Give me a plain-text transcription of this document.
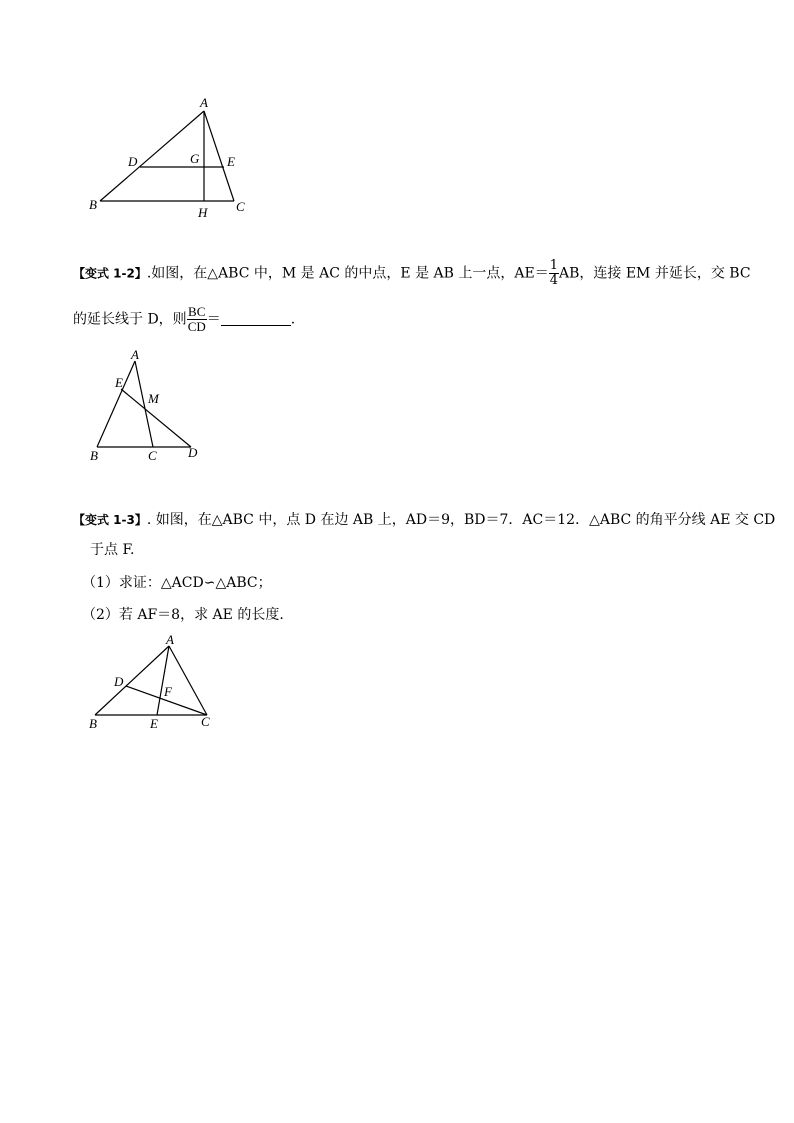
A
D	G E
B
H C
【变式 1-2】.如图，在△ABC 中，M 是 AC 的中点，E 是 AB 上一点，$AE= \frac{1}{4}$ AB，连接 EM 并延长，交 BC
的延长线于 D，则 $\frac{BC}{CD}$ ＝	.
A
E
M
B	C D
【变式 1-3】. 如图，在△ABC 中，点 D 在边 AB 上，AD＝9，BD＝7．AC＝12．△ABC 的角平分线 AE 交 CD
于点 F.
（1）求证：△ACD∽△ABC；
（2）若 AF＝8，求 AE 的长度.
A
D
F
B	E	C
